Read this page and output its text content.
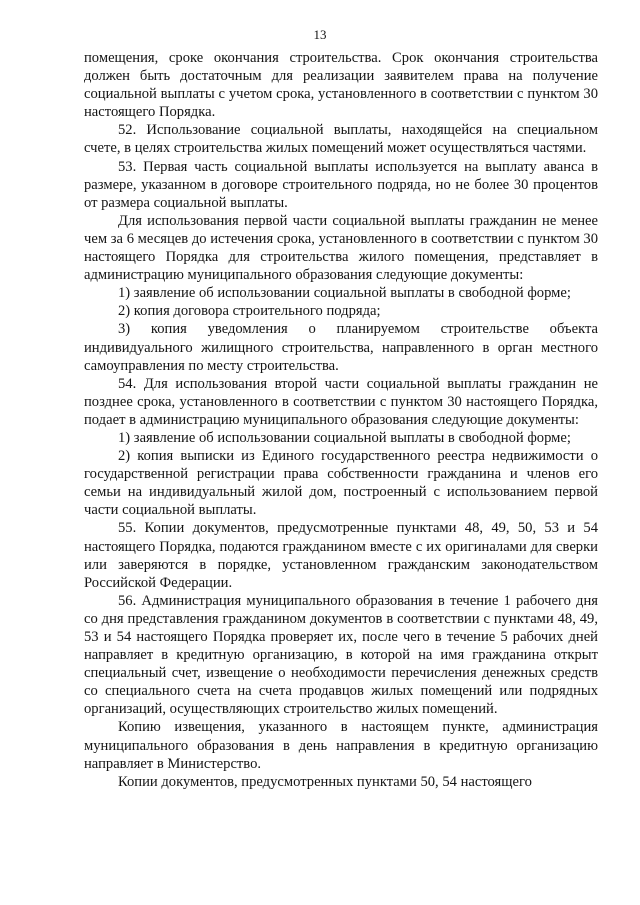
13

помещения, сроке окончания строительства. Срок окончания строительства должен быть достаточным для реализации заявителем права на получение социальной выплаты с учетом срока, установленного в соответствии с пунктом 30 настоящего Порядка.

52. Использование социальной выплаты, находящейся на специальном счете, в целях строительства жилых помещений может осуществляться частями.

53. Первая часть социальной выплаты используется на выплату аванса в размере, указанном в договоре строительного подряда, но не более 30 процентов от размера социальной выплаты.

Для использования первой части социальной выплаты гражданин не менее чем за 6 месяцев до истечения срока, установленного в соответствии с пунктом 30 настоящего Порядка для строительства жилого помещения, представляет в администрацию муниципального образования следующие документы:

1) заявление об использовании социальной выплаты в свободной форме;

2) копия договора строительного подряда;

3) копия уведомления о планируемом строительстве объекта индивидуального жилищного строительства, направленного в орган местного самоуправления по месту строительства.

54. Для использования второй части социальной выплаты гражданин не позднее срока, установленного в соответствии с пунктом 30 настоящего Порядка, подает в администрацию муниципального образования следующие документы:

1) заявление об использовании социальной выплаты в свободной форме;

2) копия выписки из Единого государственного реестра недвижимости о государственной регистрации права собственности гражданина и членов его семьи на индивидуальный жилой дом, построенный с использованием первой части социальной выплаты.

55. Копии документов, предусмотренные пунктами 48, 49, 50, 53 и 54 настоящего Порядка, подаются гражданином вместе с их оригиналами для сверки или заверяются в порядке, установленном гражданским законодательством Российской Федерации.

56. Администрация муниципального образования в течение 1 рабочего дня со дня представления гражданином документов в соответствии с пунктами 48, 49, 53 и 54 настоящего Порядка проверяет их, после чего в течение 5 рабочих дней направляет в кредитную организацию, в которой на имя гражданина открыт специальный счет, извещение о необходимости перечисления денежных средств со специального счета на счета продавцов жилых помещений или подрядных организаций, осуществляющих строительство жилых помещений.

Копию извещения, указанного в настоящем пункте, администрация муниципального образования в день направления в кредитную организацию направляет в Министерство.

Копии документов, предусмотренных пунктами 50, 54 настоящего
